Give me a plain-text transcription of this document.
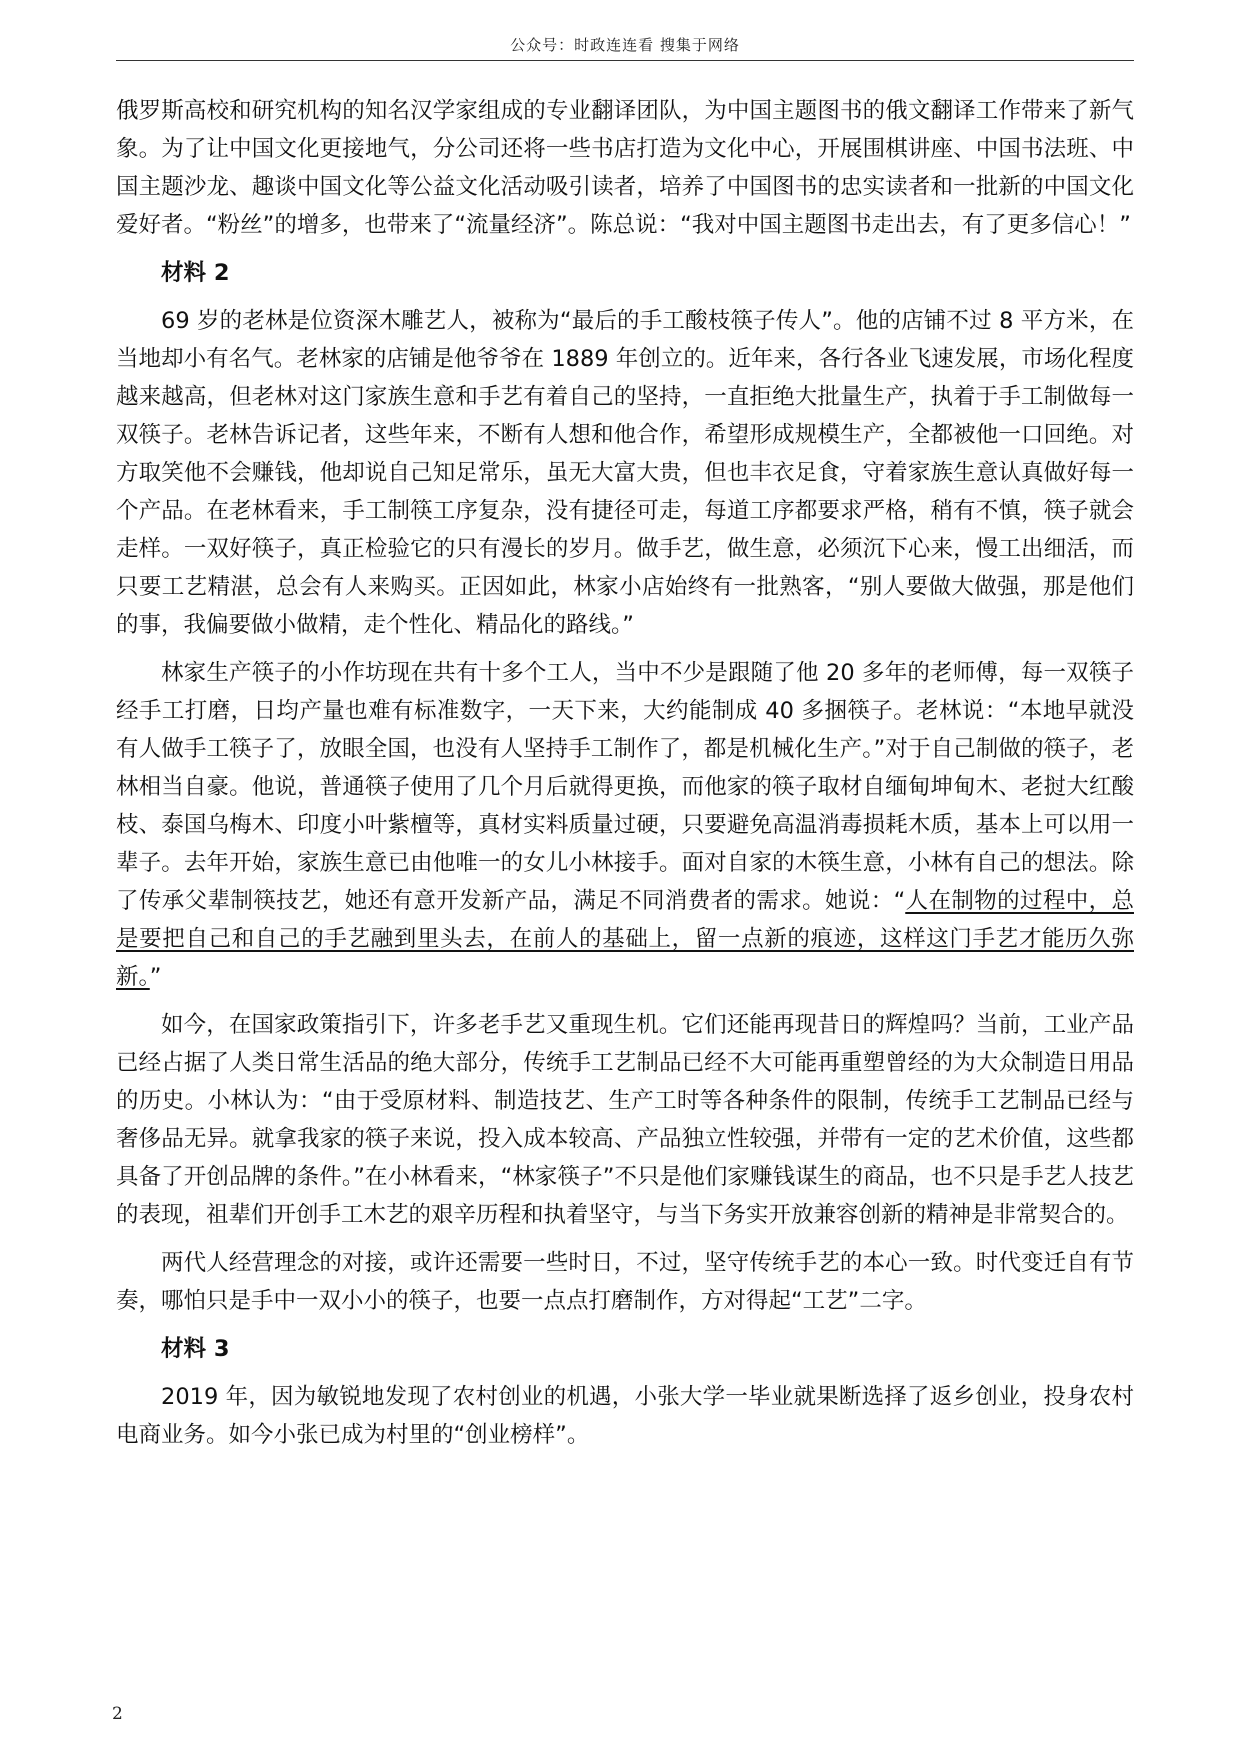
公众号：时政连连看 搜集于网络

俄罗斯高校和研究机构的知名汉学家组成的专业翻译团队，为中国主题图书的俄文翻译工作带来了新气象。为了让中国文化更接地气，分公司还将一些书店打造为文化中心，开展围棋讲座、中国书法班、中国主题沙龙、趣谈中国文化等公益文化活动吸引读者，培养了中国图书的忠实读者和一批新的中国文化爱好者。“粉丝”的增多，也带来了“流量经济”。陈总说：“我对中国主题图书走出去，有了更多信心！”

材料 2

69 岁的老林是位资深木雕艺人，被称为“最后的手工酸枝筷子传人”。他的店铺不过 8 平方米，在当地却小有名气。老林家的店铺是他爷爷在 1889 年创立的。近年来，各行各业飞速发展，市场化程度越来越高，但老林对这门家族生意和手艺有着自己的坚持，一直拒绝大批量生产，执着于手工制做每一双筷子。老林告诉记者，这些年来，不断有人想和他合作，希望形成规模生产，全都被他一口回绝。对方取笑他不会赚钱，他却说自己知足常乐，虽无大富大贵，但也丰衣足食，守着家族生意认真做好每一个产品。在老林看来，手工制筷工序复杂，没有捷径可走，每道工序都要求严格，稍有不慎，筷子就会走样。一双好筷子，真正检验它的只有漫长的岁月。做手艺，做生意，必须沉下心来，慢工出细活，而只要工艺精湛，总会有人来购买。正因如此，林家小店始终有一批熟客，“别人要做大做强，那是他们的事，我偏要做小做精，走个性化、精品化的路线。”

林家生产筷子的小作坊现在共有十多个工人，当中不少是跟随了他 20 多年的老师傅，每一双筷子经手工打磨，日均产量也难有标准数字，一天下来，大约能制成 40 多捆筷子。老林说：“本地早就没有人做手工筷子了，放眼全国，也没有人坚持手工制作了，都是机械化生产。”对于自己制做的筷子，老林相当自豪。他说，普通筷子使用了几个月后就得更换，而他家的筷子取材自缅甸坤甸木、老挝大红酸枝、泰国乌梅木、印度小叶紫檀等，真材实料质量过硬，只要避免高温消毒损耗木质，基本上可以用一辈子。去年开始，家族生意已由他唯一的女儿小林接手。面对自家的木筷生意，小林有自己的想法。除了传承父辈制筷技艺，她还有意开发新产品，满足不同消费者的需求。她说：“人在制物的过程中，总是要把自己和自己的手艺融到里头去，在前人的基础上，留一点新的痕迹，这样这门手艺才能历久弥新。”

如今，在国家政策指引下，许多老手艺又重现生机。它们还能再现昔日的辉煌吗？当前，工业产品已经占据了人类日常生活品的绝大部分，传统手工艺制品已经不大可能再重塑曾经的为大众制造日用品的历史。小林认为：“由于受原材料、制造技艺、生产工时等各种条件的限制，传统手工艺制品已经与奢侈品无异。就拿我家的筷子来说，投入成本较高、产品独立性较强，并带有一定的艺术价值，这些都具备了开创品牌的条件。”在小林看来，“林家筷子”不只是他们家赚钱谋生的商品，也不只是手艺人技艺的表现，祖辈们开创手工木艺的艰辛历程和执着坚守，与当下务实开放兼容创新的精神是非常契合的。

两代人经营理念的对接，或许还需要一些时日，不过，坚守传统手艺的本心一致。时代变迁自有节奏，哪怕只是手中一双小小的筷子，也要一点点打磨制作，方对得起“工艺”二字。

材料 3

2019 年，因为敏锐地发现了农村创业的机遇，小张大学一毕业就果断选择了返乡创业，投身农村电商业务。如今小张已成为村里的“创业榜样”。

2
